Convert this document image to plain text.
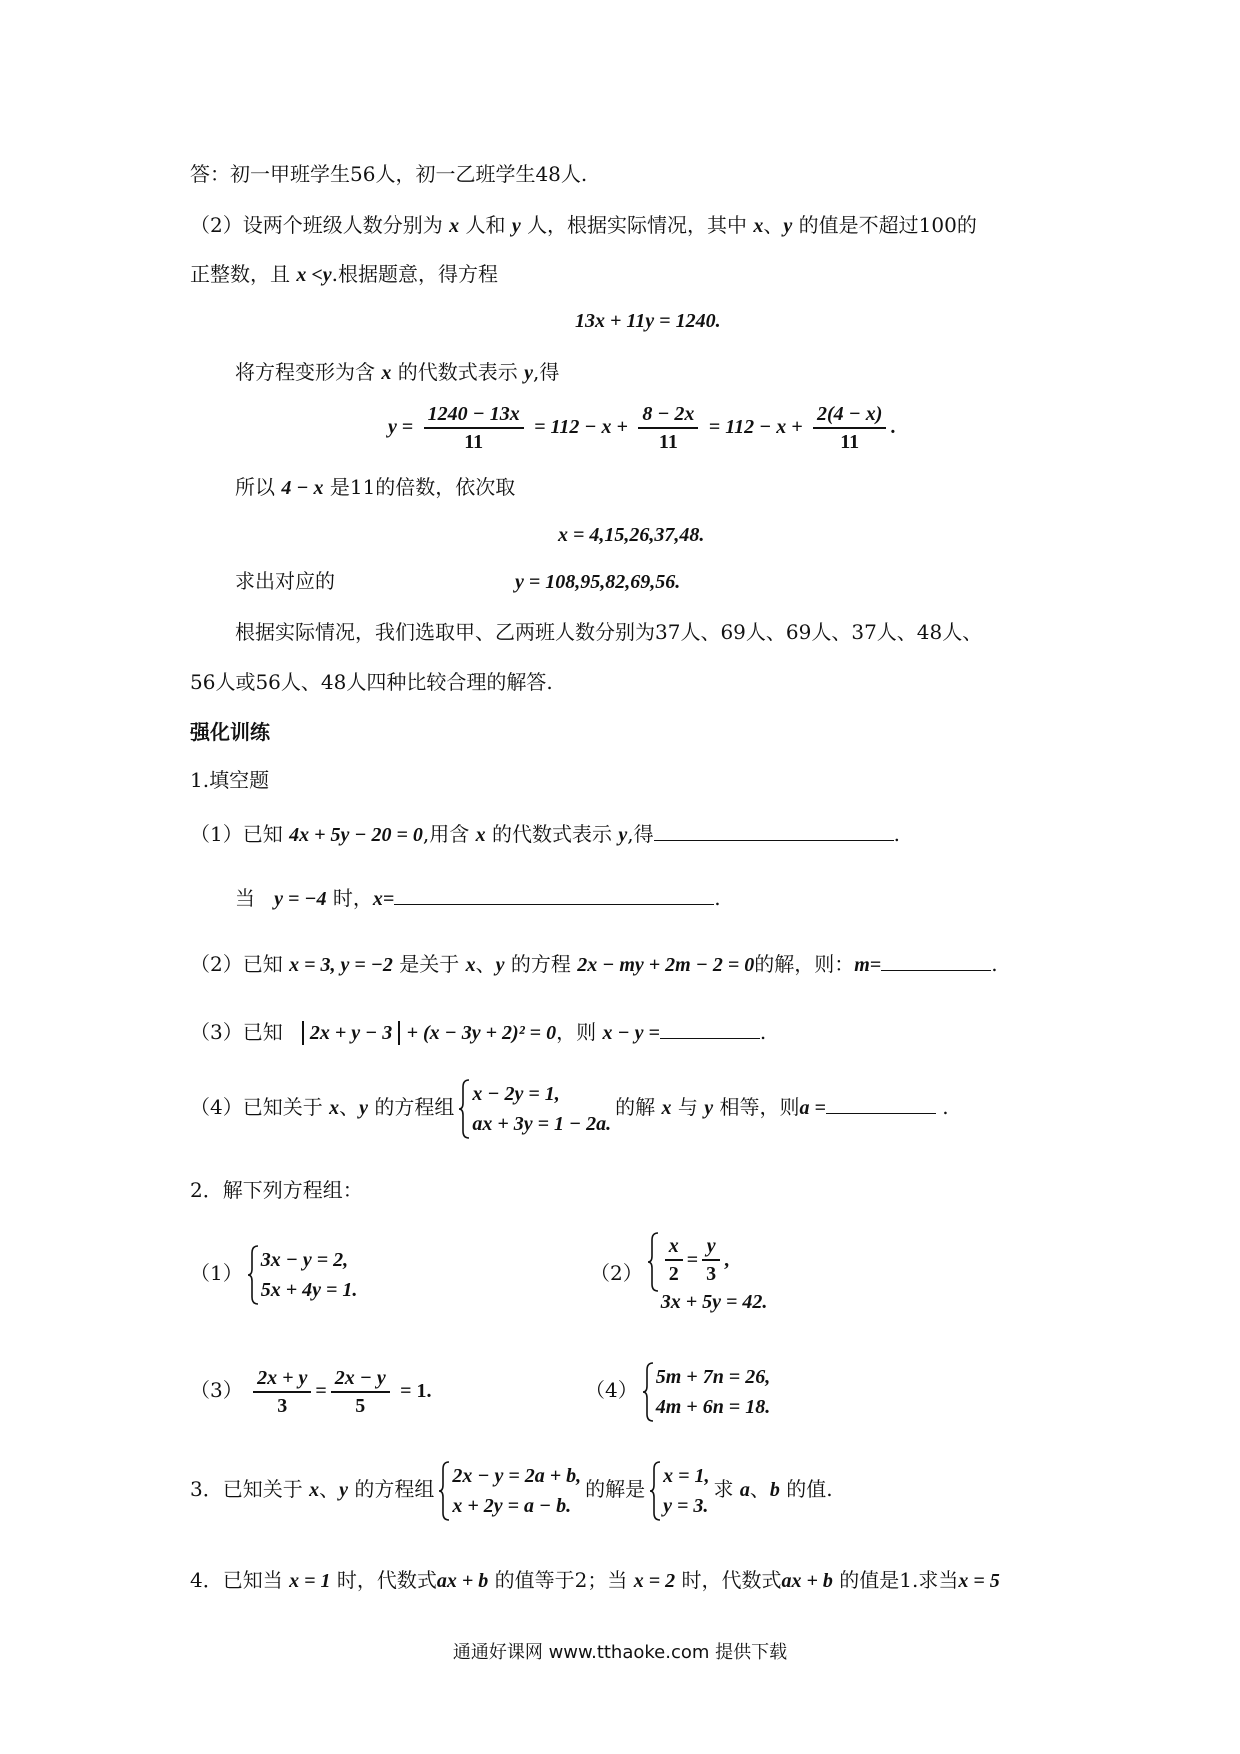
答：初一甲班学生56人，初一乙班学生48人.
（2）设两个班级人数分别为 x 人和 y 人，根据实际情况，其中 x、y 的值是不超过100的
正整数，且 x <y.根据题意，得方程
13x + 11y = 1240.
将方程变形为含 x 的代数式表示 y,得
$y = \frac{1240 - 13x}{11} = 112 - x + \frac{8 - 2x}{11} = 112 - x + \frac{2(4 - x)}{11}$ .
所以 4 − x 是11的倍数，依次取
x = 4,15,26,37,48.
求出对应的	y = 108,95,82,69,56.
根据实际情况，我们选取甲、乙两班人数分别为37人、69人、69人、37人、48人、
56人或56人、48人四种比较合理的解答.
强化训练
1.填空题
（1）已知 4x + 5y − 20 = 0,用含 x 的代数式表示 y,得	.
当 y = −4 时，x=	.
（2）已知 x = 3, y = −2 是关于 x、y 的方程 2x − my + 2m − 2 = 0的解，则：m=	.
（3）已知 2x + y − 3 + (x − 3y + 2)² = 0，则 x − y =	.
（4）已知关于 x、y 的方程组
x − 2y = 1,
ax + 3y = 1 − 2a.
的解 x 与 y 相等，则a =	.
2．解下列方程组：
（1）
3x − y = 2,
5x + 4y = 1.
$(2) \frac{x}{2} = \frac{y}{3}$ ,
3x + 5y = 42.
$(3) \frac{2x + y}{3} = \frac{2x - y}{5} = 1$.	（4）
5m + 7n = 26,
4m + 6n = 18.
3．已知关于 x、y 的方程组
2x − y = 2a + b,
x + 2y = a − b.
的解是
x = 1,
y = 3.
求 a、b 的值.
4．已知当 x = 1 时，代数式ax + b 的值等于2；当 x = 2 时，代数式ax + b 的值是1.求当x = 5
通通好课网 www.tthaoke.com 提供下载
